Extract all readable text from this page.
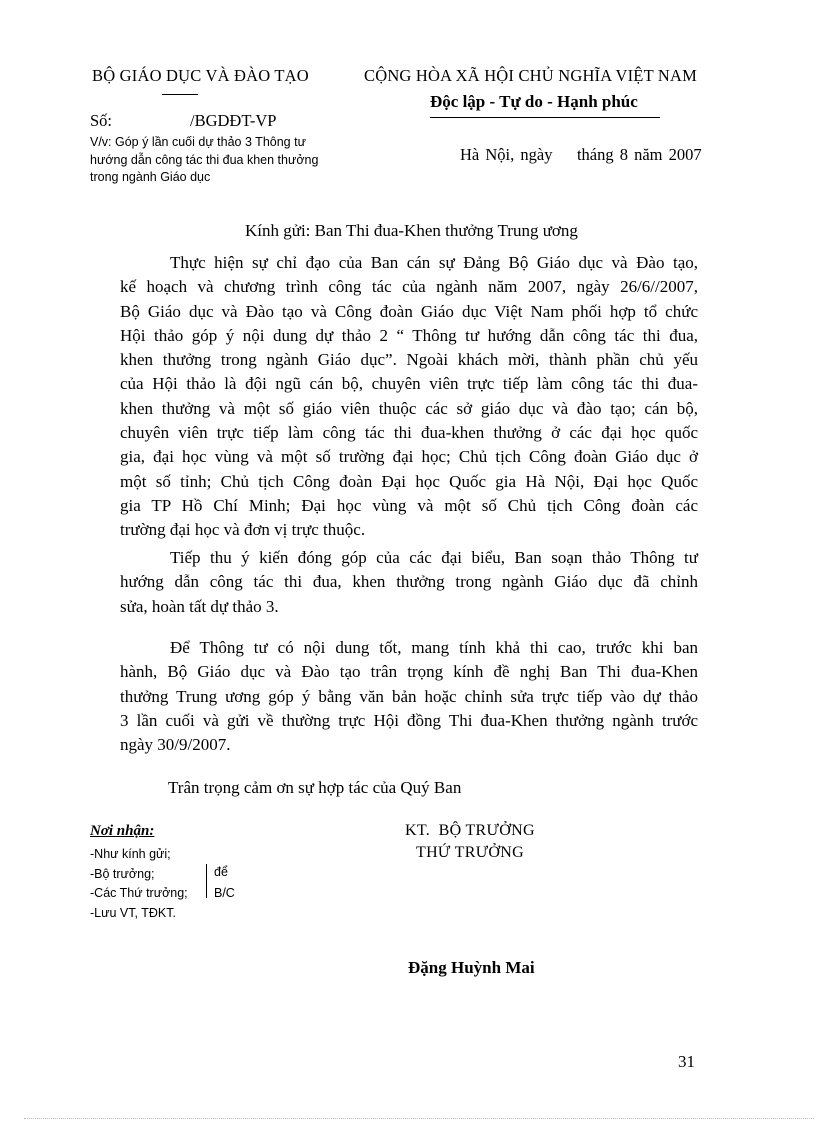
BỘ GIÁO DỤC VÀ ĐÀO TẠO	CỘNG HÒA XÃ HỘI CHỦ NGHĨA VIỆT NAM
Độc lập - Tự do - Hạnh phúc
Số:	/BGDĐT-VP
V/v: Góp ý lần cuối dự thảo 3 Thông tư
hướng dẫn công tác thi đua khen thưởng
trong ngành Giáo dục
Hà Nội, ngày    tháng 8 năm 2007
Kính gửi: Ban Thi đua-Khen thưởng Trung ương
Thực hiện sự chỉ đạo của Ban cán sự Đảng Bộ Giáo dục và Đào tạo,
kế hoạch và chương trình công tác của ngành năm 2007, ngày 26/6//2007,
Bộ Giáo dục và Đào tạo và Công đoàn Giáo dục Việt Nam phối hợp tổ chức
Hội thảo góp ý nội dung dự thảo 2 “ Thông tư hướng dẫn công tác thi đua,
khen thưởng trong ngành Giáo dục”. Ngoài khách mời, thành phần chủ yếu
của Hội thảo là đội ngũ cán bộ, chuyên viên trực tiếp làm công tác thi đua-
khen thưởng và một số giáo viên thuộc các sở giáo dục và đào tạo; cán bộ,
chuyên viên trực tiếp làm công tác thi đua-khen thưởng ở các đại học quốc
gia, đại học vùng và một số trường đại học; Chủ tịch Công đoàn Giáo dục ở
một số tỉnh; Chủ tịch Công đoàn Đại học Quốc gia Hà Nội, Đại học Quốc
gia TP Hồ Chí Minh; Đại học vùng và một số Chủ tịch Công đoàn các
trường đại học và đơn vị trực thuộc.
Tiếp thu ý kiến đóng góp của các đại biểu, Ban soạn thảo Thông tư
hướng dẫn công tác thi đua, khen thưởng trong ngành Giáo dục đã chỉnh
sửa, hoàn tất dự thảo 3.
Để Thông tư có nội dung tốt, mang tính khả thi cao, trước khi ban
hành, Bộ Giáo dục và Đào tạo trân trọng kính đề nghị Ban Thi đua-Khen
thưởng Trung ương góp ý bằng văn bản hoặc chỉnh sửa trực tiếp vào dự thảo
3 lần cuối và gửi về thường trực Hội đồng Thi đua-Khen thưởng ngành trước
ngày 30/9/2007.
Trân trọng cảm ơn sự hợp tác của Quý Ban
Nơi nhận:
-Như kính gửi;
-Bộ trưởng;
-Các Thứ trưởng;
-Lưu VT, TĐKT.
để
B/C
KT.  BỘ TRƯỞNG
THỨ TRƯỞNG
Đặng Huỳnh Mai
31
